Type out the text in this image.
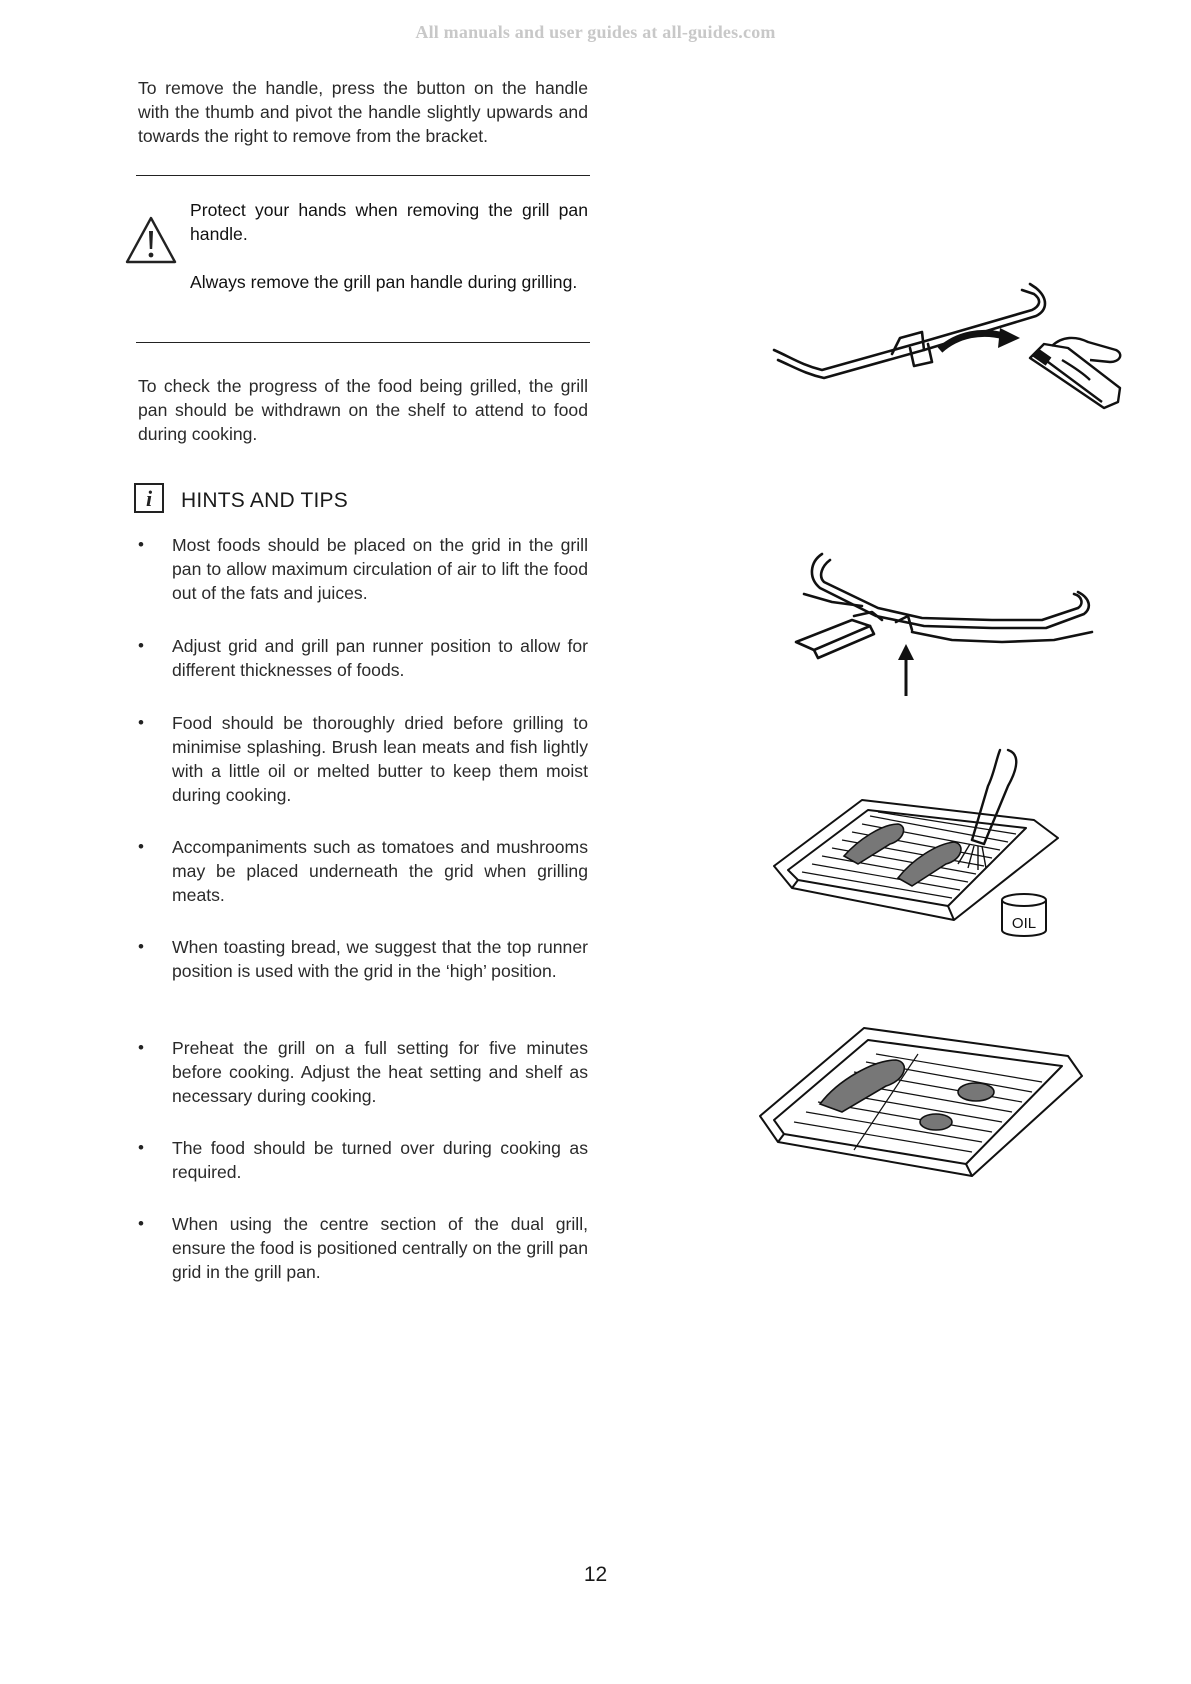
All manuals and user guides at all-guides.com

To remove the handle, press the button on the handle with the thumb and pivot the handle slightly upwards and towards the right to remove from the bracket.

Protect your hands when removing the grill pan handle.

Always remove the grill pan handle during grilling.

To check the progress of the food being grilled, the grill pan should be withdrawn on the shelf to attend to food during cooking.

i HINTS AND TIPS
• Most foods should be placed on the grid in the grill pan to allow maximum circulation of air to lift the food out of the fats and juices.

• Adjust grid and grill pan runner position to allow for different thicknesses of foods.

• Food should be thoroughly dried before grilling to minimise splashing. Brush lean meats and fish lightly with a little oil or melted butter to keep them moist during cooking.

• Accompaniments such as tomatoes and mushrooms may be placed underneath the grid when grilling meats.

• When toasting bread, we suggest that the top runner position is used with the grid in the ‘high’ position.

• Preheat the grill on a full setting for five minutes before cooking. Adjust the heat setting and shelf as necessary during cooking.

• The food should be turned over during cooking as required.

• When using the centre section of the dual grill, ensure the food is positioned centrally on the grill pan grid in the grill pan.

OIL
12
